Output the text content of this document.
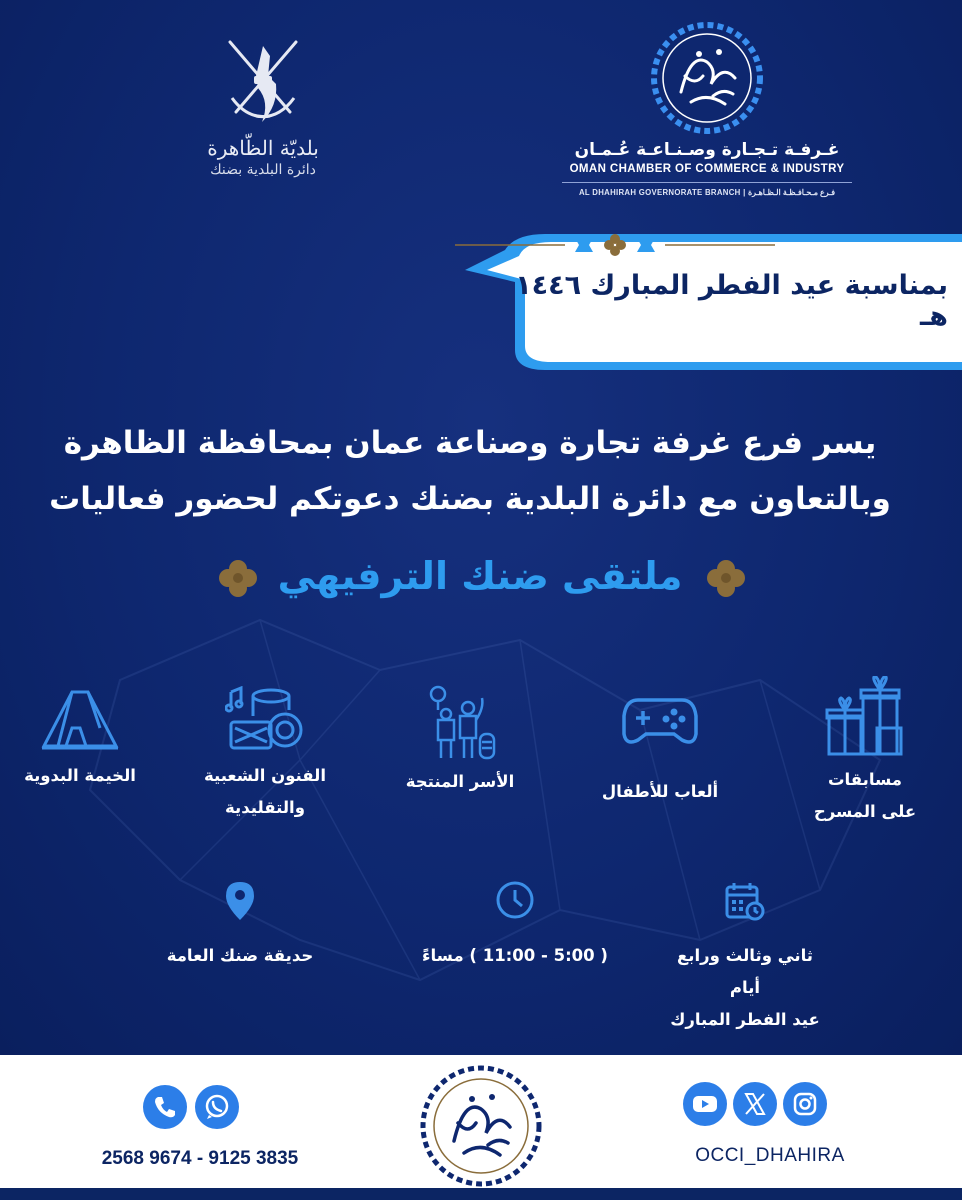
بلديّة الظّاهرة
دائرة البلدية بضنك
غـرفـة تـجـارة وصـنـاعـة عُـمـان
OMAN CHAMBER OF COMMERCE & INDUSTRY
AL DHAHIRAH GOVERNORATE BRANCH | فـرع مـحـافـظـة الـظـاهـرة
بمناسبة عيد الفطر المبارك ١٤٤٦ هـ
يسر فرع غرفة تجارة وصناعة عمان بمحافظة الظاهرة
وبالتعاون مع دائرة البلدية بضنك دعوتكم لحضور فعاليات
ملتقى ضنك الترفيهي
مسابقات
على المسرح
ألعاب للأطفال
الأسر المنتجة
الفنون الشعبية
والتقليدية
الخيمة البدوية
ثاني وثالث ورابع أيام
عيد الفطر المبارك
( 5:00 - 11:00 ) مساءً
حديقة ضنك العامة
OCCI_DHAHIRA
2568 9674 - 9125 3835
